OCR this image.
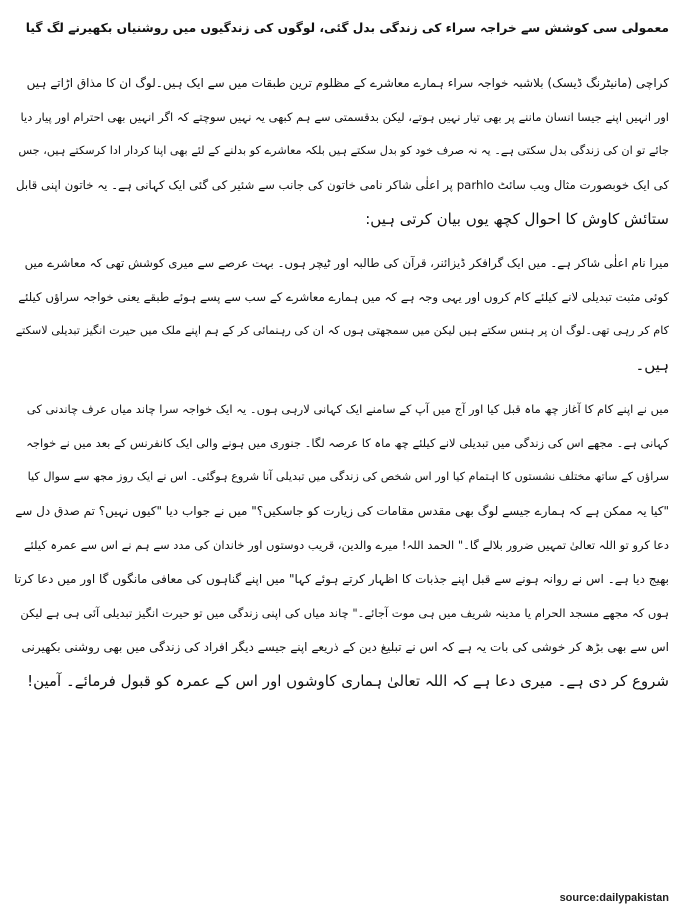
معمولی سی کوشش سے خراجہ سراء کی زندگی بدل گئی، لوگوں کی زندگیوں میں روشنیاں بکھیرنے لگ گیا
کراچی (مانیٹرنگ ڈیسک) بلاشبہ خواجہ سراء ہمارے معاشرے کے مظلوم ترین طبقات میں سے ایک ہیں۔لوگ ان کا مذاق اڑاتے ہیں
اور انہیں اپنے جیسا انسان ماننے پر بھی تیار نہیں ہوتے، لیکن بدقسمتی سے ہم کبھی یہ نہیں سوچتے کہ اگر انہیں بھی احترام اور پیار دیا
جائے تو ان کی زندگی بدل سکتی ہے۔ یہ نہ صرف خود کو بدل سکتے ہیں بلکہ معاشرے کو بدلنے کے لئے بھی اپنا کردار ادا کرسکتے ہیں، جس
کی ایک خوبصورت مثال ویب سائٹ parhlo پر اعلٰی شاکر نامی خاتون کی جانب سے شئیر کی گئی ایک کہانی ہے۔ یہ خاتون اپنی قابل
ستائش کاوش کا احوال کچھ یوں بیان کرتی ہیں:
میرا نام اعلٰی شاکر ہے۔ میں ایک گرافکر ڈیزائنر، قرآن کی طالبہ اور ٹیچر ہوں۔ بہت عرصے سے میری کوشش تھی کہ معاشرے میں
کوئی مثبت تبدیلی لانے کیلئے کام کروں اور یہی وجہ ہے کہ میں ہمارے معاشرے کے سب سے پسے ہوئے طبقے یعنی خواجہ سراؤں کیلئے
کام کر رہی تھی۔لوگ ان پر ہنس سکتے ہیں لیکن میں سمجھتی ہوں کہ ان کی رہنمائی کر کے ہم اپنے ملک میں حیرت انگیز تبدیلی لاسکتے
ہیں۔
میں نے اپنے کام کا آغاز چھ ماہ قبل کیا اور آج میں آپ کے سامنے ایک کہانی لارہی ہوں۔ یہ ایک خواجہ سرا چاند میاں عرف چاندنی کی
کہانی ہے۔ مجھے اس کی زندگی میں تبدیلی لانے کیلئے چھ ماہ کا عرصہ لگا۔ جنوری میں ہونے والی ایک کانفرنس کے بعد میں نے خواجہ
سراؤں کے ساتھ مختلف نشستوں کا اہتمام کیا اور اس شخص کی زندگی میں تبدیلی آنا شروع ہوگئی۔ اس نے ایک روز مجھ سے سوال کیا
"کیا یہ ممکن ہے کہ ہمارے جیسے لوگ بھی مقدس مقامات کی زیارت کو جاسکیں؟" میں نے جواب دیا "کیوں نہیں؟ تم صدق دل سے
دعا کرو تو اللہ تعالیٰ تمہیں ضرور بلالے گا۔" الحمد اللہ! میرے والدین، قریب دوستوں اور خاندان کی مدد سے ہم نے اس سے عمرہ کیلئے
بھیج دیا ہے۔ اس نے روانہ ہونے سے قبل اپنے جذبات کا اظہار کرتے ہوئے کہا" میں اپنے گناہوں کی معافی مانگوں گا اور میں دعا کرتا
ہوں کہ مجھے مسجد الحرام یا مدینہ شریف میں ہی موت آجائے۔" چاند میاں کی اپنی زندگی میں تو حیرت انگیز تبدیلی آئی ہی ہے لیکن
اس سے بھی بڑھ کر خوشی کی بات یہ ہے کہ اس نے تبلیغ دین کے ذریعے اپنے جیسے دیگر افراد کی زندگی میں بھی روشنی بکھیرنی
شروع کر دی ہے۔ میری دعا ہے کہ اللہ تعالیٰ ہماری کاوشوں اور اس کے عمرہ کو قبول فرمائے۔ آمین!
source:dailypakistan
